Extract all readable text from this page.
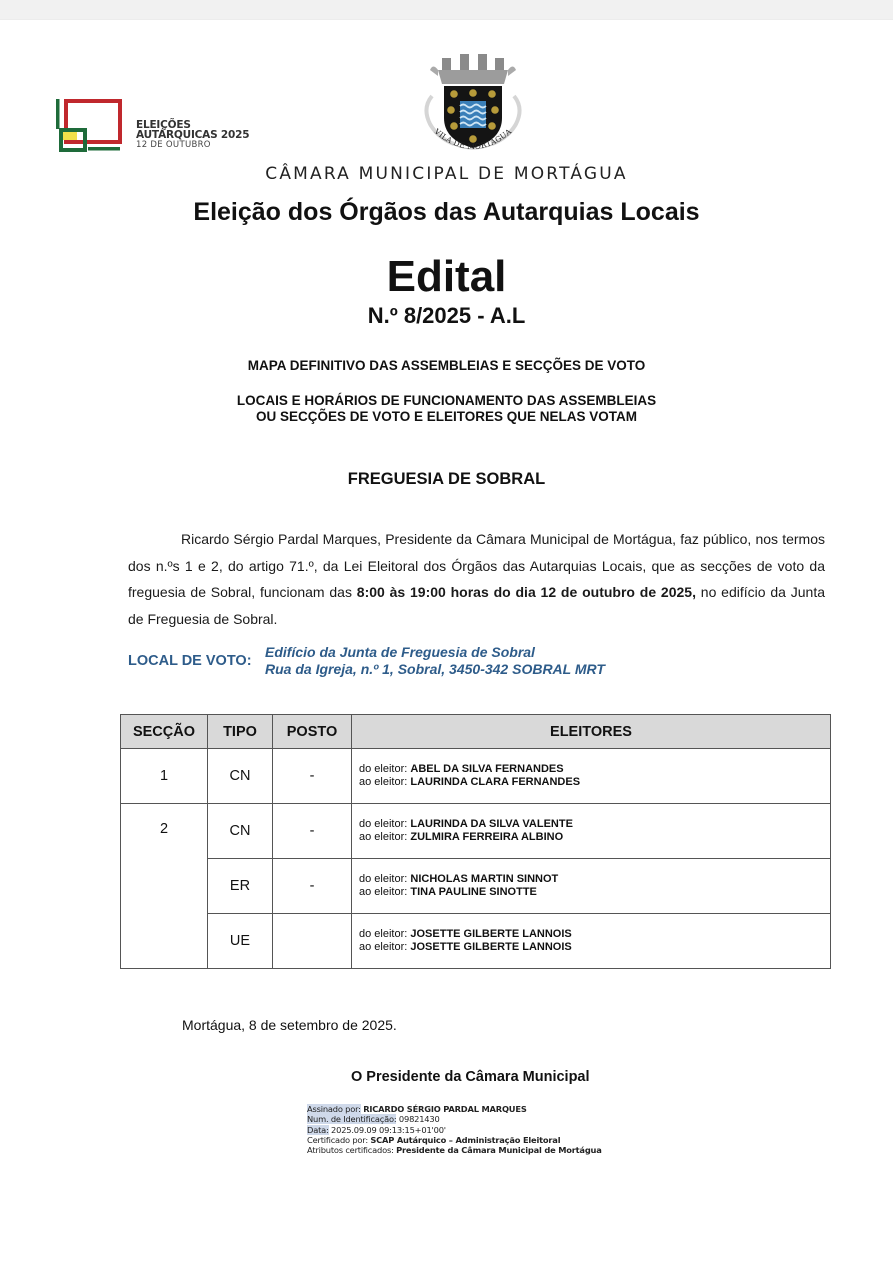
ELEIÇÕES
AUTÁRQUICAS 2025
12 DE OUTUBRO
VILA DE MORTÁGUA
CÂMARA MUNICIPAL DE MORTÁGUA
Eleição dos Órgãos das Autarquias Locais
Edital
N.º 8/2025 - A.L
MAPA DEFINITIVO DAS ASSEMBLEIAS E SECÇÕES DE VOTO
LOCAIS E HORÁRIOS DE FUNCIONAMENTO DAS ASSEMBLEIAS
OU SECÇÕES DE VOTO E ELEITORES QUE NELAS VOTAM
FREGUESIA DE SOBRAL
Ricardo Sérgio Pardal Marques, Presidente da Câmara Municipal de Mortágua, faz público, nos termos dos n.ºs 1 e 2, do artigo 71.º, da Lei Eleitoral dos Órgãos das Autarquias Locais, que as secções de voto da freguesia de Sobral, funcionam das 8:00 às 19:00 horas do dia 12 de outubro de 2025, no edifício da Junta de Freguesia de Sobral.
LOCAL DE VOTO:
Edifício da Junta de Freguesia de Sobral
Rua da Igreja, n.º 1, Sobral, 3450-342 SOBRAL MRT
SECÇÃO	TIPO	POSTO	ELEITORES
1	CN	-	do eleitor: ABEL DA SILVA FERNANDES
ao eleitor: LAURINDA CLARA FERNANDES

2	CN	-	do eleitor: LAURINDA DA SILVA VALENTE
ao eleitor: ZULMIRA FERREIRA ALBINO

	ER	-	do eleitor: NICHOLAS MARTIN SINNOT
ao eleitor: TINA PAULINE SINOTTE

	UE		do eleitor: JOSETTE GILBERTE LANNOIS
ao eleitor: JOSETTE GILBERTE LANNOIS
Mortágua, 8 de setembro de 2025.
O Presidente da Câmara Municipal
Assinado por: RICARDO SÉRGIO PARDAL MARQUES
Num. de Identificação: 09821430
Data: 2025.09.09 09:13:15+01'00'
Certificado por: SCAP Autárquico – Administração Eleitoral
Atributos certificados: Presidente da Câmara Municipal de Mortágua
